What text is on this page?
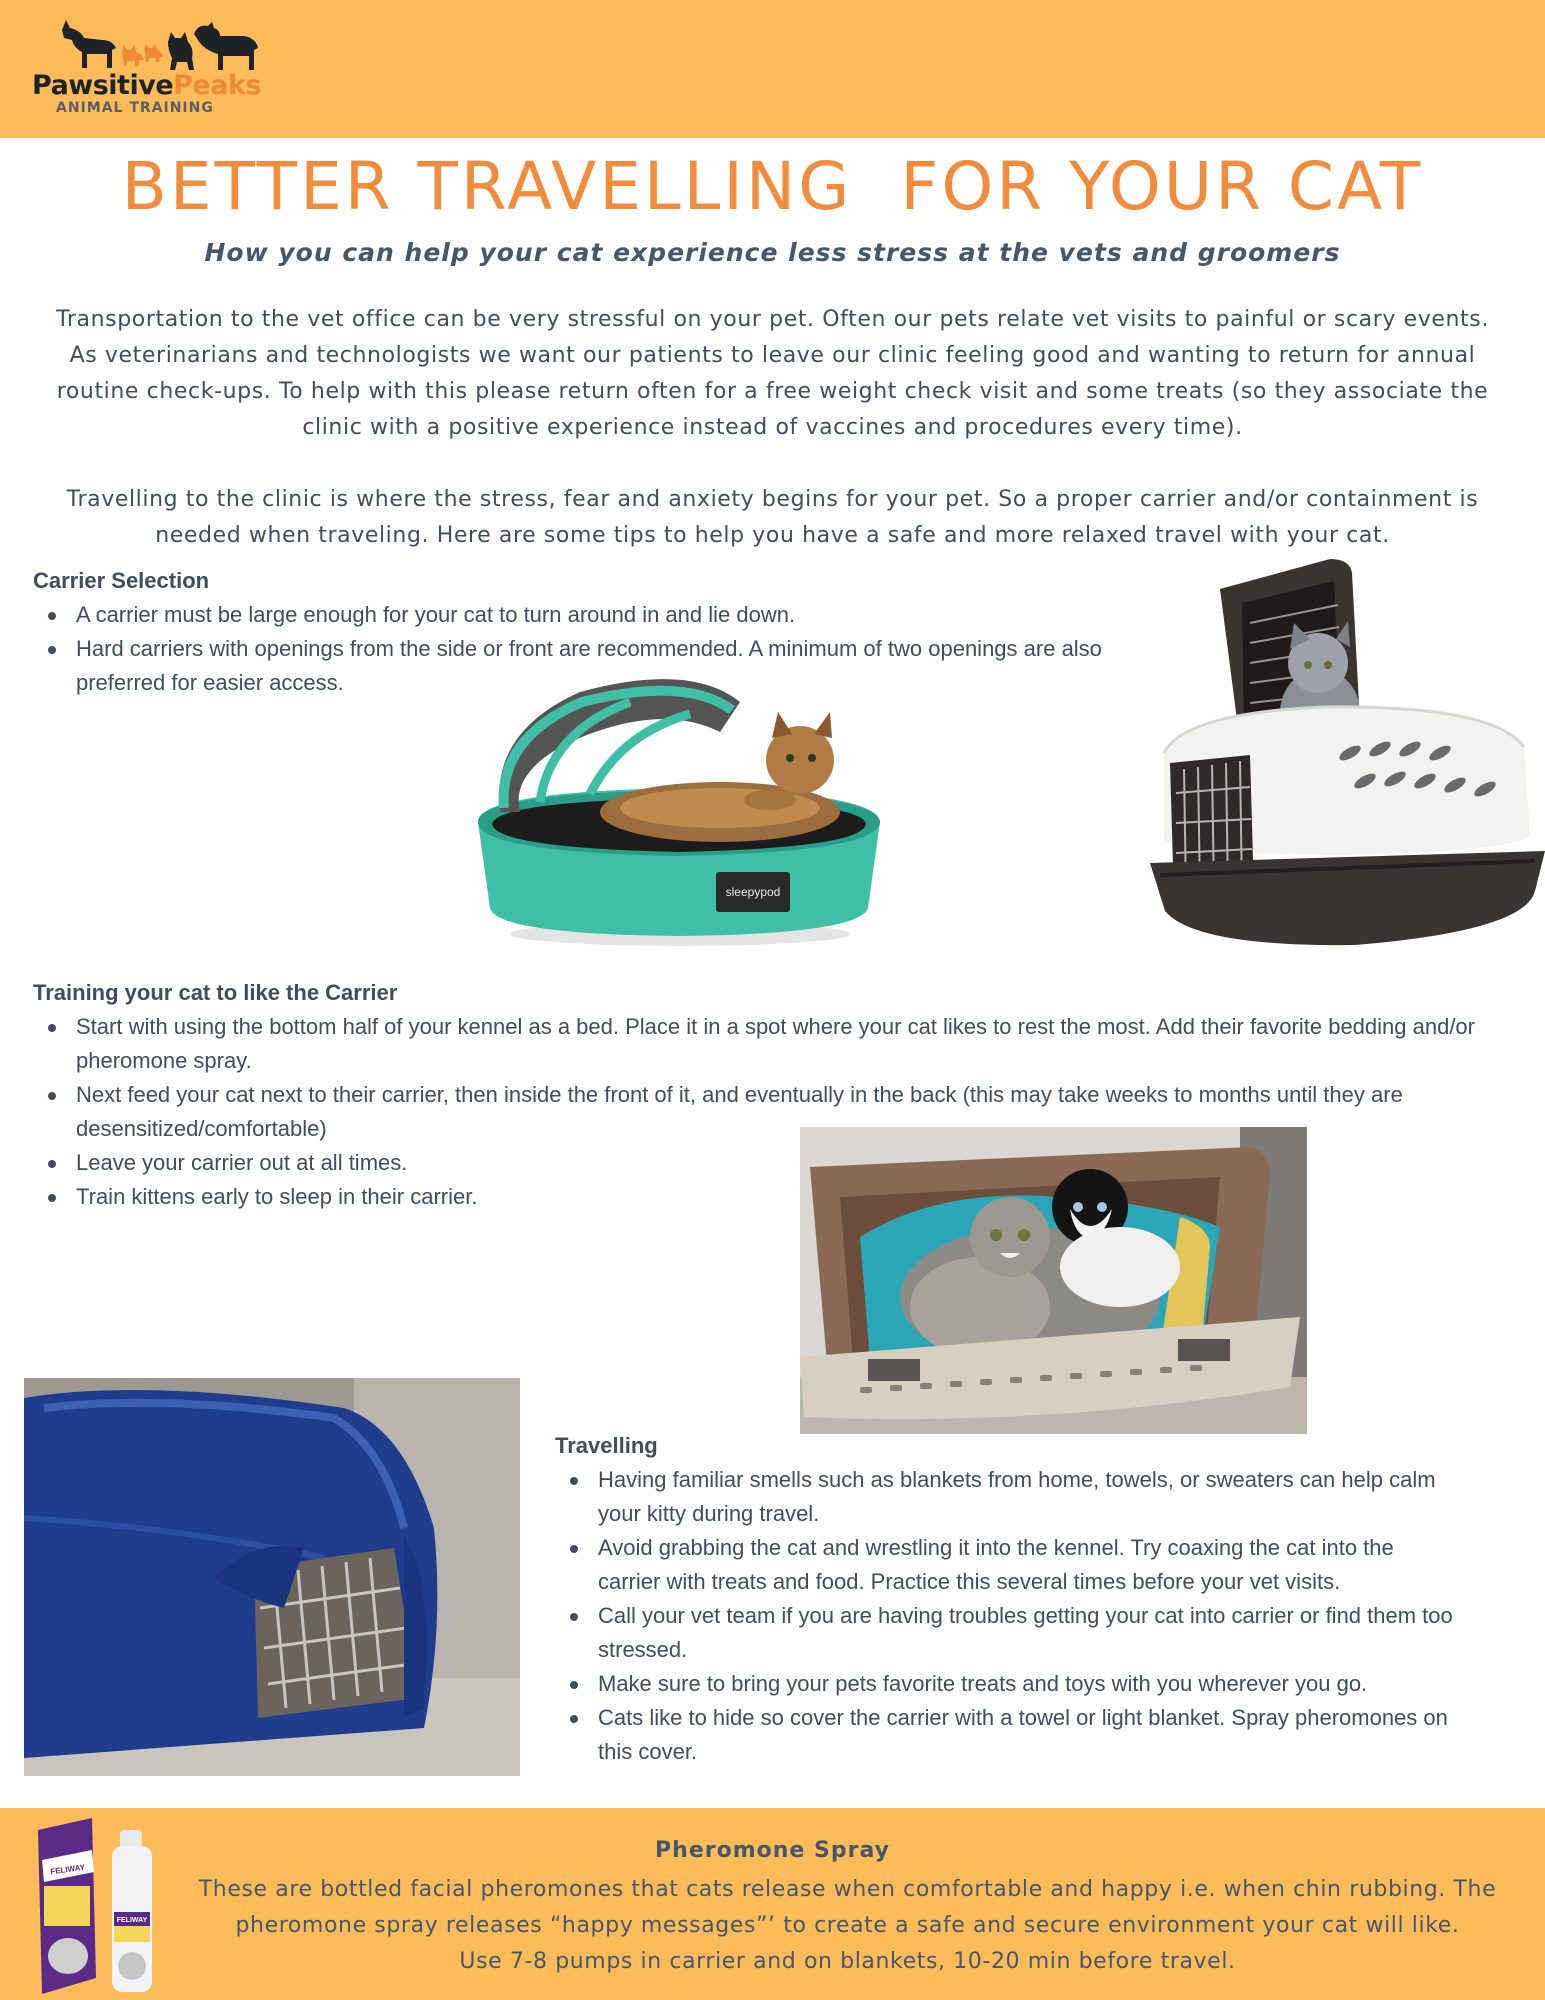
PawsitivePeaks
ANIMAL TRAINING
BETTER TRAVELLING  FOR YOUR CAT
How you can help your cat experience less stress at the vets and groomers

Transportation to the vet office can be very stressful on your pet. Often our pets relate vet visits to painful or scary events. As veterinarians and technologists we want our patients to leave our clinic feeling good and wanting to return for annual routine check-ups. To help with this please return often for a free weight check visit and some treats (so they associate the clinic with a positive experience instead of vaccines and procedures every time).

Travelling to the clinic is where the stress, fear and anxiety begins for your pet. So a proper carrier and/or containment is needed when traveling. Here are some tips to help you have a safe and more relaxed travel with your cat.

Carrier Selection
A carrier must be large enough for your cat to turn around in and lie down.
Hard carriers with openings from the side or front are recommended. A minimum of two openings are also preferred for easier access.
sleepypod
Training your cat to like the Carrier
Start with using the bottom half of your kennel as a bed. Place it in a spot where your cat likes to rest the most. Add their favorite bedding and/or pheromone spray.
Next feed your cat next to their carrier, then inside the front of it, and eventually in the back (this may take weeks to months until they are desensitized/comfortable)
Leave your carrier out at all times.
Train kittens early to sleep in their carrier.
Travelling
Having familiar smells such as blankets from home, towels, or sweaters can help calm your kitty during travel.
Avoid grabbing the cat and wrestling it into the kennel. Try coaxing the cat into the carrier with treats and food. Practice this several times before your vet visits.
Call your vet team if you are having troubles getting your cat into carrier or find them too stressed.
Make sure to bring your pets favorite treats and toys with you wherever you go.
Cats like to hide so cover the carrier with a towel or light blanket. Spray pheromones on this cover.
FELIWAY
FELIWAY
Pheromone Spray
These are bottled facial pheromones that cats release when comfortable and happy i.e. when chin rubbing. The
pheromone spray releases “happy messages”’ to create a safe and secure environment your cat will like.
Use 7-8 pumps in carrier and on blankets, 10-20 min before travel.
